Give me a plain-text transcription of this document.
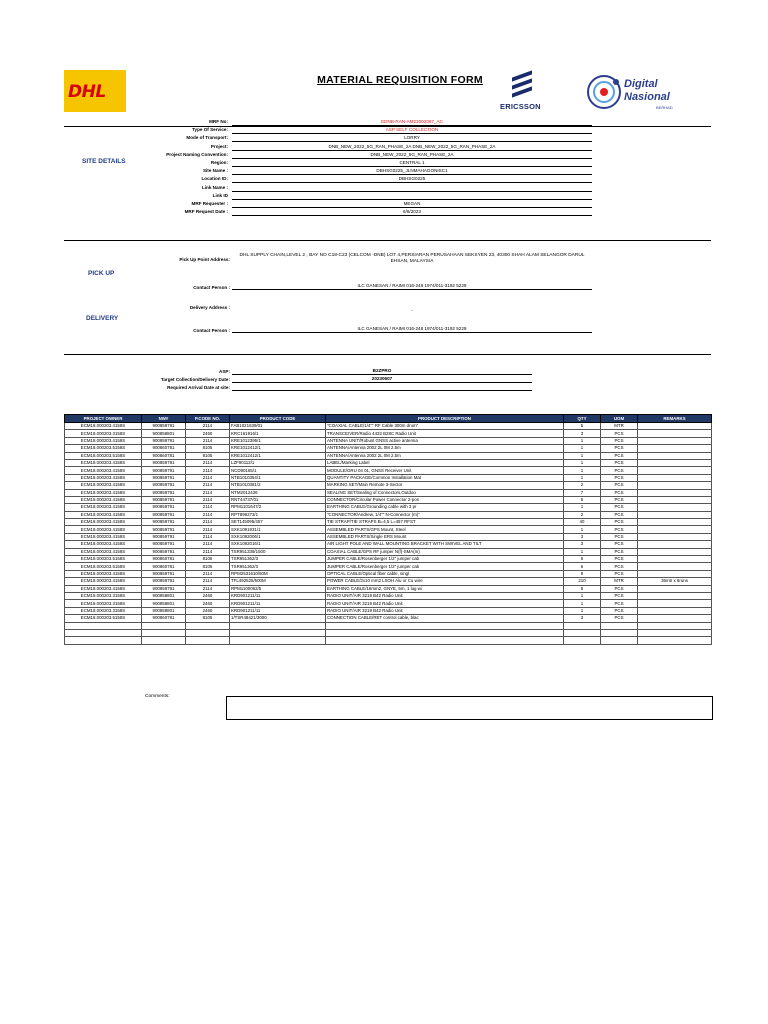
DHL
MATERIAL REQUISITION FORM
ERICSSON
Digital
Nasional
BERHAD
SITE DETAILS
MRF No:	EDNB-RAN-AM23002087_AC
Type Of Service:	ASP SELF COLLECTION
Mode of Transport:	LORRY
Project:	DNB_NEW_2022_5G_RAN_PHASE_2A DNB_NEW_2022_5G_RAN_PHASE_2A
Project Naming Convention:	DNB_NEW_2022_5G_RAN_PHASE_2A
Region:	CENTRAL 1
Site Name :	DBHSG0225_JLNMAHAGONISC1
Location ID:	DBHSG0225
Link Name :
Link ID
MRF Requester :	MEGAN
MRF Request Date :	6/6/2023
Pick Up Point Address:
DHL SUPPLY CHAIN,LEVEL 2 , BAY NO C18-C23 (CELCOM -DNB) LOT 4,PERSIARAN PERUSAHAAN SEKSYEN 23, 40300 SHAH ALAM SELANGOR DARUL EHSAN, MALAYSIA
PICK UP
Contact Person :	ILC GANESAN / RAIMI 016-248 1974/011-3192 5229
Delivery Address :
-
DELIVERY
Contact Person :	ILC GANESAN / RAIMI 016-248 1974/011-3192 5229
ASP:	B2ZPRO
Target Collection/Delivery Date:	20230607
Required Arrival Date at site:
PROJECT OWNER	NW#	P.CODE NO.	PRODUCT CODE	PRODUCT DESCRIPTION	QTY	UOM	REMARKS
ECM18.000203.4158S	900859791	2114	FAB1021639/01	"COAXIAL CABLE/1/4"" RF Cable 300m drum"	5	MTR	
ECM18.000203.3158S	900858801	2460	KRC161916/1	TRANSCEIVER/Radio 4432 B28C Radio Unit	3	PCS	
ECM18.000203.4158S	900859791	2114	KRE1012395/1	ANTENNA UNIT/Robust GNSS active antenna	1	PCS	
ECM18.000203.5158S	900860781	8105	KRE1012412/1	ANTENNA/Antenna 2002 2L 0M 2.5m	1	PCS	
ECM18.000203.5158S	900860781	8105	KRE1012412/1	ANTENNA/Antenna 2002 2L 0M 2.5m	1	PCS	
ECM18.000203.4158S	900859791	2114	LZF90112/1	LABEL/Marking Label	1	PCS	
ECM18.000203.4158S	900859791	2114	NCD90165/1	MODULE/GRU 04 01, GNSS Receiver Unit	1	PCS	
ECM18.000203.4158S	900859791	2114	NTB1010354/1	QUANTITY PACKAGE/Common Installation Mat	1	PCS	
ECM18.000203.4158S	900859791	2114	NTB1010381/2	MARKING SET/Main Remote 3-Sector	2	PCS	
ECM18.000203.4158S	900859791	2114	NTM2012426	SEALING SET/Sealing of Connectors,Outdoo	7	PCS	
ECM18.000203.4158S	900859791	2114	RNT44737/01	CONNECTOR/Circular Power Connector 2-pos	6	PCS	
ECM18.000203.4158S	900859791	2114	RPM1101647/2	EARTHING CABLE/Grounding cable with 3 pr	1	PCS	
ECM18.000203.4158S	900859791	2114	RPT899273/1	"CONNECTOR/Andrew, 1/4"" N-Connector (m)"	2	PCS	
ECM18.000203.4158S	900859791	2114	SET145095/457	TIE STRAP/TIE STRAPS B=4,5 L=457 RFST	40	PCS	
ECM18.000203.4158S	900859791	2114	SXK1091931/1	ASSEMBLED PARTS/GPS Mount, Steel	1	PCS	
ECM18.000203.4158S	900859791	2114	SXK1092006/1	ASSEMBLED PARTS/Single ERS Mount	3	PCS	
ECM18.000203.4158S	900859791	2114	SXK1092016/1	AIR LIGHT POLE AND WALL MOUNTING BRACKET WITH SWIVEL AND TILT	3	PCS	
ECM18.000203.4158S	900859791	2114	TSR951339/1500	COAXIAL CABLE/GPS RF jumper N(f)-SMA(m)	1	PCS	
ECM18.000203.5158S	900860781	8105	TSR951362/3	JUMPER CABLE/Rosenberger 1/2" jumper cab	6	PCS	
ECM18.000203.5158S	900860781	8105	TSR951362/3	JUMPER CABLE/Rosenberger 1/2" jumper cab	6	PCS	
ECM18.000203.4158S	900859791	2114	RPM2531610/50M	OPTICAL CABLE/Optical fiber cable, singl	9	PCS	
ECM18.000203.4158S	900859791	2114	TFL492525/500M	POWER CABLE/2x10 mm2 LSOH Alu or Cu wire	210	MTR	35mtr x 6runs
ECM18.000203.4158S	900859791	2114	RPM1100062/5	EARTHING CABLE/16mm2, GNYE, 5m, 1 lug wi	6	PCS	
ECM18.000203.3158S	900858801	2460	KRD901211/11	RADIO UNIT/AIR 3219 B42 Radio Unit	1	PCS	
ECM18.000203.3158S	900858801	2460	KRD901211/11	RADIO UNIT/AIR 3219 B42 Radio Unit	1	PCS	
ECM18.000203.3158S	900858801	2460	KRD901211/11	RADIO UNIT/AIR 3219 B42 Radio Unit	1	PCS	
ECM18.000203.5158S	900860781	8105	1/TSR48421/3000	CONNECTION CABLE/RET control cable, blac	3	PCS	

Comments:
